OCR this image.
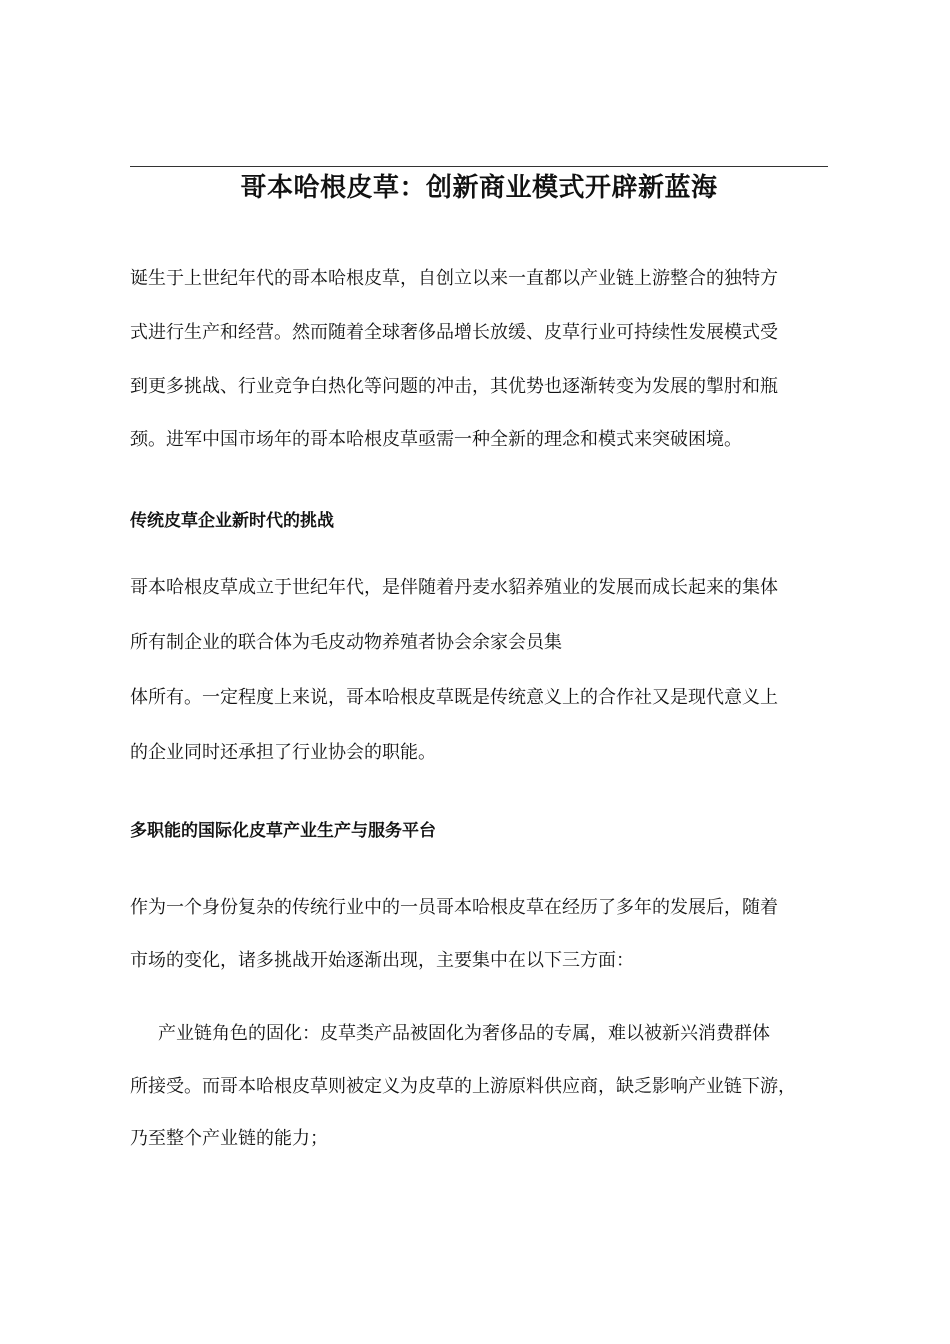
哥本哈根皮草：创新商业模式开辟新蓝海

诞生于上世纪年代的哥本哈根皮草，自创立以来一直都以产业链上游整合的独特方

式进行生产和经营。然而随着全球奢侈品增长放缓、皮草行业可持续性发展模式受

到更多挑战、行业竞争白热化等问题的冲击，其优势也逐渐转变为发展的掣肘和瓶

颈。进军中国市场年的哥本哈根皮草亟需一种全新的理念和模式来突破困境。

传统皮草企业新时代的挑战

哥本哈根皮草成立于世纪年代，是伴随着丹麦水貂养殖业的发展而成长起来的集体

所有制企业的联合体为毛皮动物养殖者协会余家会员集

体所有。一定程度上来说，哥本哈根皮草既是传统意义上的合作社又是现代意义上

的企业同时还承担了行业协会的职能。

多职能的国际化皮草产业生产与服务平台

作为一个身份复杂的传统行业中的一员哥本哈根皮草在经历了多年的发展后，随着

市场的变化，诸多挑战开始逐渐出现，主要集中在以下三方面：

产业链角色的固化：皮草类产品被固化为奢侈品的专属，难以被新兴消费群体

所接受。而哥本哈根皮草则被定义为皮草的上游原料供应商，缺乏影响产业链下游，

乃至整个产业链的能力；
